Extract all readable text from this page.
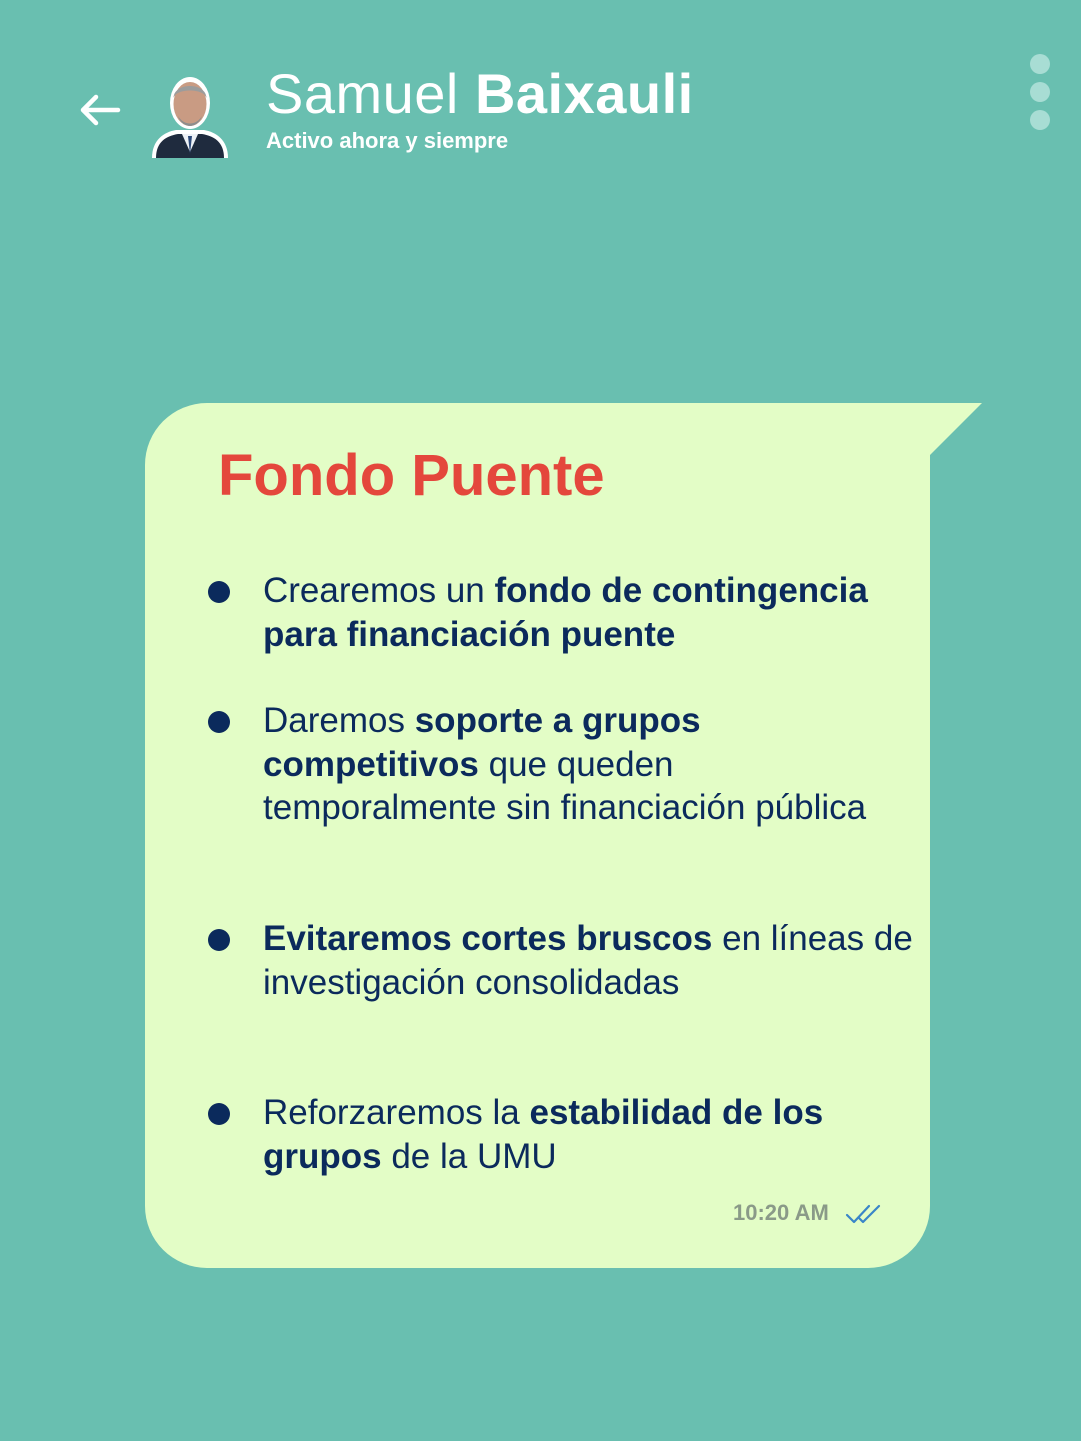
Samuel Baixauli
Activo ahora y siempre
Fondo Puente
Crearemos un fondo de contingencia para financiación puente
Daremos soporte a grupos competitivos que queden temporalmente sin financiación pública
Evitaremos cortes bruscos en líneas de investigación consolidadas
Reforzaremos la estabilidad de los grupos de la UMU
10:20 AM
